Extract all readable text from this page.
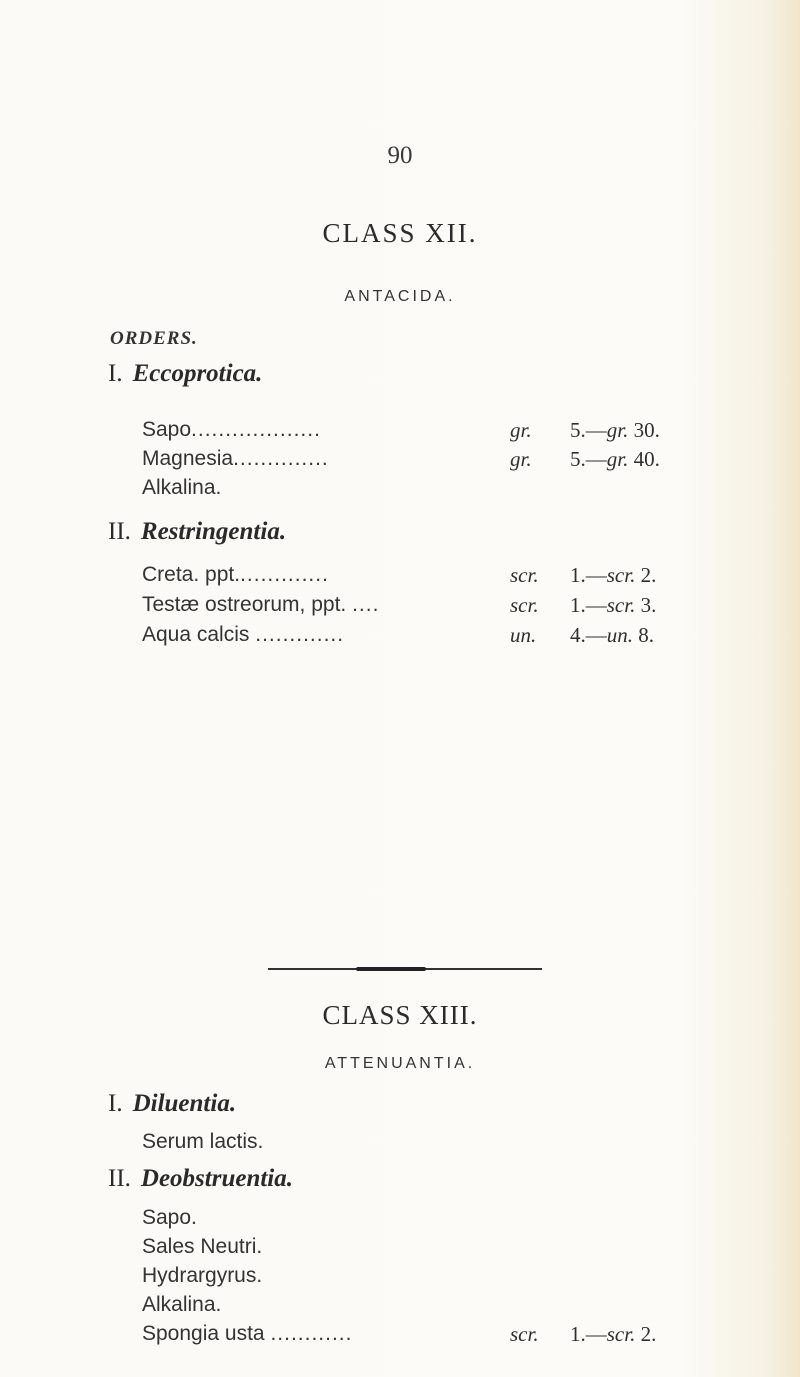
90
CLASS XII.
ANTACIDA.
ORDERS.
I. Eccoprotica.
Sapo...................	gr. 5.—gr. 30.
Magnesia..............	gr. 5.—gr. 40.
Alkalina.
II. Restringentia.
Creta. ppt..............	scr. 1.—scr. 2.
Testæ ostreorum, ppt. ....	scr. 1.—scr. 3.
Aqua calcis .............	un. 4.—un. 8.
CLASS XIII.
ATTENUANTIA.
I. Diluentia.
Serum lactis.
II. Deobstruentia.
Sapo.
Sales Neutri.
Hydrargyrus.
Alkalina.
Spongia usta ............	scr. 1.—scr. 2.
